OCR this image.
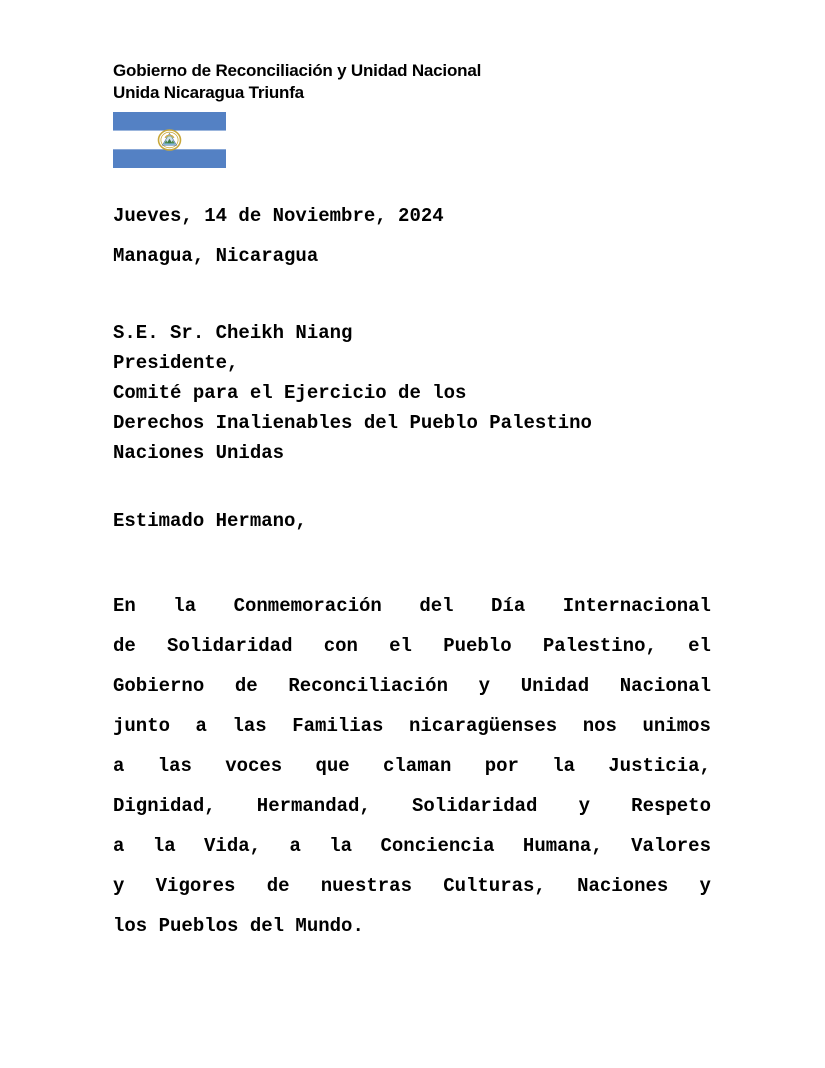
Gobierno de Reconciliación y Unidad Nacional
Unida Nicaragua Triunfa
Jueves, 14 de Noviembre, 2024
Managua, Nicaragua
S.E. Sr. Cheikh Niang
Presidente,
Comité para el Ejercicio de los
Derechos Inalienables del Pueblo Palestino
Naciones Unidas
Estimado Hermano,
En la Conmemoración del Día Internacional
de Solidaridad con el Pueblo Palestino, el
Gobierno de Reconciliación y Unidad Nacional
junto a las Familias nicaragüenses nos unimos
a las voces que claman por la Justicia,
Dignidad, Hermandad, Solidaridad y Respeto
a la Vida, a la Conciencia Humana, Valores
y Vigores de nuestras Culturas, Naciones y
los Pueblos del Mundo.
